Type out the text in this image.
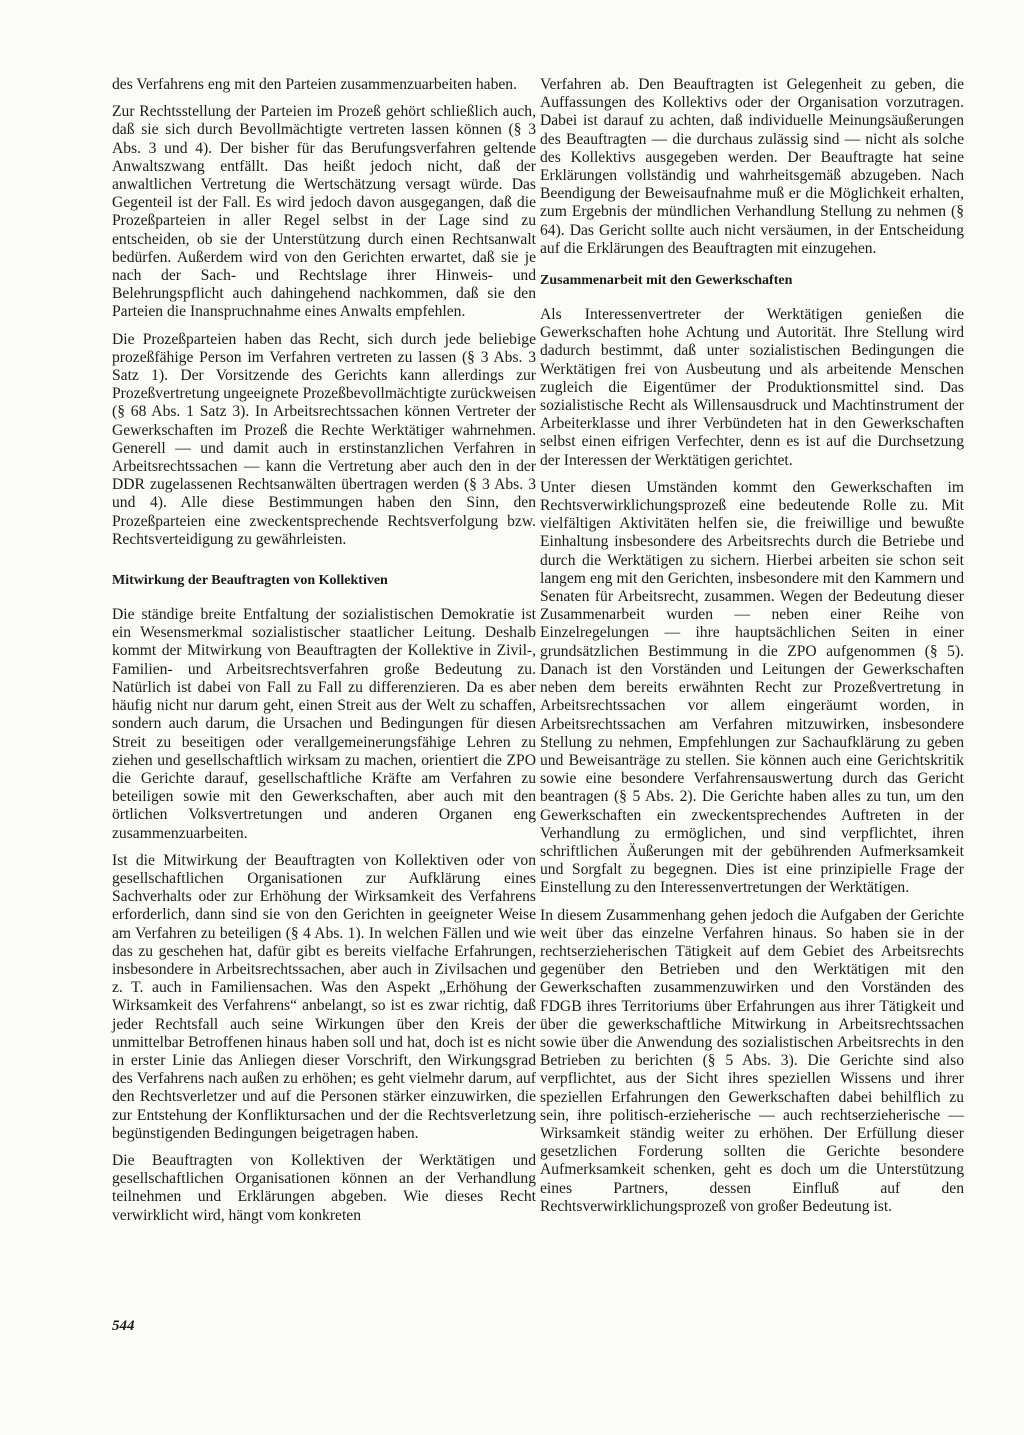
des Verfahrens eng mit den Parteien zusammenzuarbeiten haben.

Zur Rechtsstellung der Parteien im Prozeß gehört schließlich auch, daß sie sich durch Bevollmächtigte vertreten lassen können (§ 3 Abs. 3 und 4). Der bisher für das Berufungsverfahren geltende Anwaltszwang entfällt. Das heißt jedoch nicht, daß der anwaltlichen Vertretung die Wertschätzung versagt würde. Das Gegenteil ist der Fall. Es wird jedoch davon ausgegangen, daß die Prozeßparteien in aller Regel selbst in der Lage sind zu entscheiden, ob sie der Unterstützung durch einen Rechtsanwalt bedürfen. Außerdem wird von den Gerichten erwartet, daß sie je nach der Sach- und Rechtslage ihrer Hinweis- und Belehrungspflicht auch dahingehend nachkommen, daß sie den Parteien die Inanspruchnahme eines Anwalts empfehlen.

Die Prozeßparteien haben das Recht, sich durch jede beliebige prozeßfähige Person im Verfahren vertreten zu lassen (§ 3 Abs. 3 Satz 1). Der Vorsitzende des Gerichts kann allerdings zur Prozeßvertretung ungeeignete Prozeßbevollmächtigte zurückweisen (§ 68 Abs. 1 Satz 3). In Arbeitsrechtssachen können Vertreter der Gewerkschaften im Prozeß die Rechte Werktätiger wahrnehmen. Generell — und damit auch in erstinstanzlichen Verfahren in Arbeitsrechtssachen — kann die Vertretung aber auch den in der DDR zugelassenen Rechtsanwälten übertragen werden (§ 3 Abs. 3 und 4). Alle diese Bestimmungen haben den Sinn, den Prozeßparteien eine zweckentsprechende Rechtsverfolgung bzw. Rechtsverteidigung zu gewährleisten.

Mitwirkung der Beauftragten von Kollektiven

Die ständige breite Entfaltung der sozialistischen Demokratie ist ein Wesensmerkmal sozialistischer staatlicher Leitung. Deshalb kommt der Mitwirkung von Beauftragten der Kollektive in Zivil-, Familien- und Arbeitsrechtsverfahren große Bedeutung zu. Natürlich ist dabei von Fall zu Fall zu differenzieren. Da es aber häufig nicht nur darum geht, einen Streit aus der Welt zu schaffen, sondern auch darum, die Ursachen und Bedingungen für diesen Streit zu beseitigen oder verallgemeinerungsfähige Lehren zu ziehen und gesellschaftlich wirksam zu machen, orientiert die ZPO die Gerichte darauf, gesellschaftliche Kräfte am Verfahren zu beteiligen sowie mit den Gewerkschaften, aber auch mit den örtlichen Volksvertretungen und anderen Organen eng zusammenzuarbeiten.

Ist die Mitwirkung der Beauftragten von Kollektiven oder von gesellschaftlichen Organisationen zur Aufklärung eines Sachverhalts oder zur Erhöhung der Wirksamkeit des Verfahrens erforderlich, dann sind sie von den Gerichten in geeigneter Weise am Verfahren zu beteiligen (§ 4 Abs. 1). In welchen Fällen und wie das zu geschehen hat, dafür gibt es bereits vielfache Erfahrungen, insbesondere in Arbeitsrechtssachen, aber auch in Zivilsachen und z. T. auch in Familiensachen. Was den Aspekt „Erhöhung der Wirksamkeit des Verfahrens“ anbelangt, so ist es zwar richtig, daß jeder Rechtsfall auch seine Wirkungen über den Kreis der unmittelbar Betroffenen hinaus haben soll und hat, doch ist es nicht in erster Linie das Anliegen dieser Vorschrift, den Wirkungsgrad des Verfahrens nach außen zu erhöhen; es geht vielmehr darum, auf den Rechtsverletzer und auf die Personen stärker einzuwirken, die zur Entstehung der Konfliktursachen und der die Rechtsverletzung begünstigenden Bedingungen beigetragen haben.

Die Beauftragten von Kollektiven der Werktätigen und gesellschaftlichen Organisationen können an der Verhandlung teilnehmen und Erklärungen abgeben. Wie dieses Recht verwirklicht wird, hängt vom konkreten

Verfahren ab. Den Beauftragten ist Gelegenheit zu geben, die Auffassungen des Kollektivs oder der Organisation vorzutragen. Dabei ist darauf zu achten, daß individuelle Meinungsäußerungen des Beauftragten — die durchaus zulässig sind — nicht als solche des Kollektivs ausgegeben werden. Der Beauftragte hat seine Erklärungen vollständig und wahrheitsgemäß abzugeben. Nach Beendigung der Beweisaufnahme muß er die Möglichkeit erhalten, zum Ergebnis der mündlichen Verhandlung Stellung zu nehmen (§ 64). Das Gericht sollte auch nicht versäumen, in der Entscheidung auf die Erklärungen des Beauftragten mit einzugehen.

Zusammenarbeit mit den Gewerkschaften

Als Interessenvertreter der Werktätigen genießen die Gewerkschaften hohe Achtung und Autorität. Ihre Stellung wird dadurch bestimmt, daß unter sozialistischen Bedingungen die Werktätigen frei von Ausbeutung und als arbeitende Menschen zugleich die Eigentümer der Produktionsmittel sind. Das sozialistische Recht als Willensausdruck und Machtinstrument der Arbeiterklasse und ihrer Verbündeten hat in den Gewerkschaften selbst einen eifrigen Verfechter, denn es ist auf die Durchsetzung der Interessen der Werktätigen gerichtet.

Unter diesen Umständen kommt den Gewerkschaften im Rechtsverwirklichungsprozeß eine bedeutende Rolle zu. Mit vielfältigen Aktivitäten helfen sie, die freiwillige und bewußte Einhaltung insbesondere des Arbeitsrechts durch die Betriebe und durch die Werktätigen zu sichern. Hierbei arbeiten sie schon seit langem eng mit den Gerichten, insbesondere mit den Kammern und Senaten für Arbeitsrecht, zusammen. Wegen der Bedeutung dieser Zusammenarbeit wurden — neben einer Reihe von Einzelregelungen — ihre hauptsächlichen Seiten in einer grundsätzlichen Bestimmung in die ZPO aufgenommen (§ 5). Danach ist den Vorständen und Leitungen der Gewerkschaften neben dem bereits erwähnten Recht zur Prozeßvertretung in Arbeitsrechtssachen vor allem eingeräumt worden, in Arbeitsrechtssachen am Verfahren mitzuwirken, insbesondere Stellung zu nehmen, Empfehlungen zur Sachaufklärung zu geben und Beweisanträge zu stellen. Sie können auch eine Gerichtskritik sowie eine besondere Verfahrensauswertung durch das Gericht beantragen (§ 5 Abs. 2). Die Gerichte haben alles zu tun, um den Gewerkschaften ein zweckentsprechendes Auftreten in der Verhandlung zu ermöglichen, und sind verpflichtet, ihren schriftlichen Äußerungen mit der gebührenden Aufmerksamkeit und Sorgfalt zu begegnen. Dies ist eine prinzipielle Frage der Einstellung zu den Interessenvertretungen der Werktätigen.

In diesem Zusammenhang gehen jedoch die Aufgaben der Gerichte weit über das einzelne Verfahren hinaus. So haben sie in der rechtserzieherischen Tätigkeit auf dem Gebiet des Arbeitsrechts gegenüber den Betrieben und den Werktätigen mit den Gewerkschaften zusammenzuwirken und den Vorständen des FDGB ihres Territoriums über Erfahrungen aus ihrer Tätigkeit und über die gewerkschaftliche Mitwirkung in Arbeitsrechtssachen sowie über die Anwendung des sozialistischen Arbeitsrechts in den Betrieben zu berichten (§ 5 Abs. 3). Die Gerichte sind also verpflichtet, aus der Sicht ihres speziellen Wissens und ihrer speziellen Erfahrungen den Gewerkschaften dabei behilflich zu sein, ihre politisch-erzieherische — auch rechtserzieherische — Wirksamkeit ständig weiter zu erhöhen. Der Erfüllung dieser gesetzlichen Forderung sollten die Gerichte besondere Aufmerksamkeit schenken, geht es doch um die Unterstützung eines Partners, dessen Einfluß auf den Rechtsverwirklichungsprozeß von großer Bedeutung ist.

544
